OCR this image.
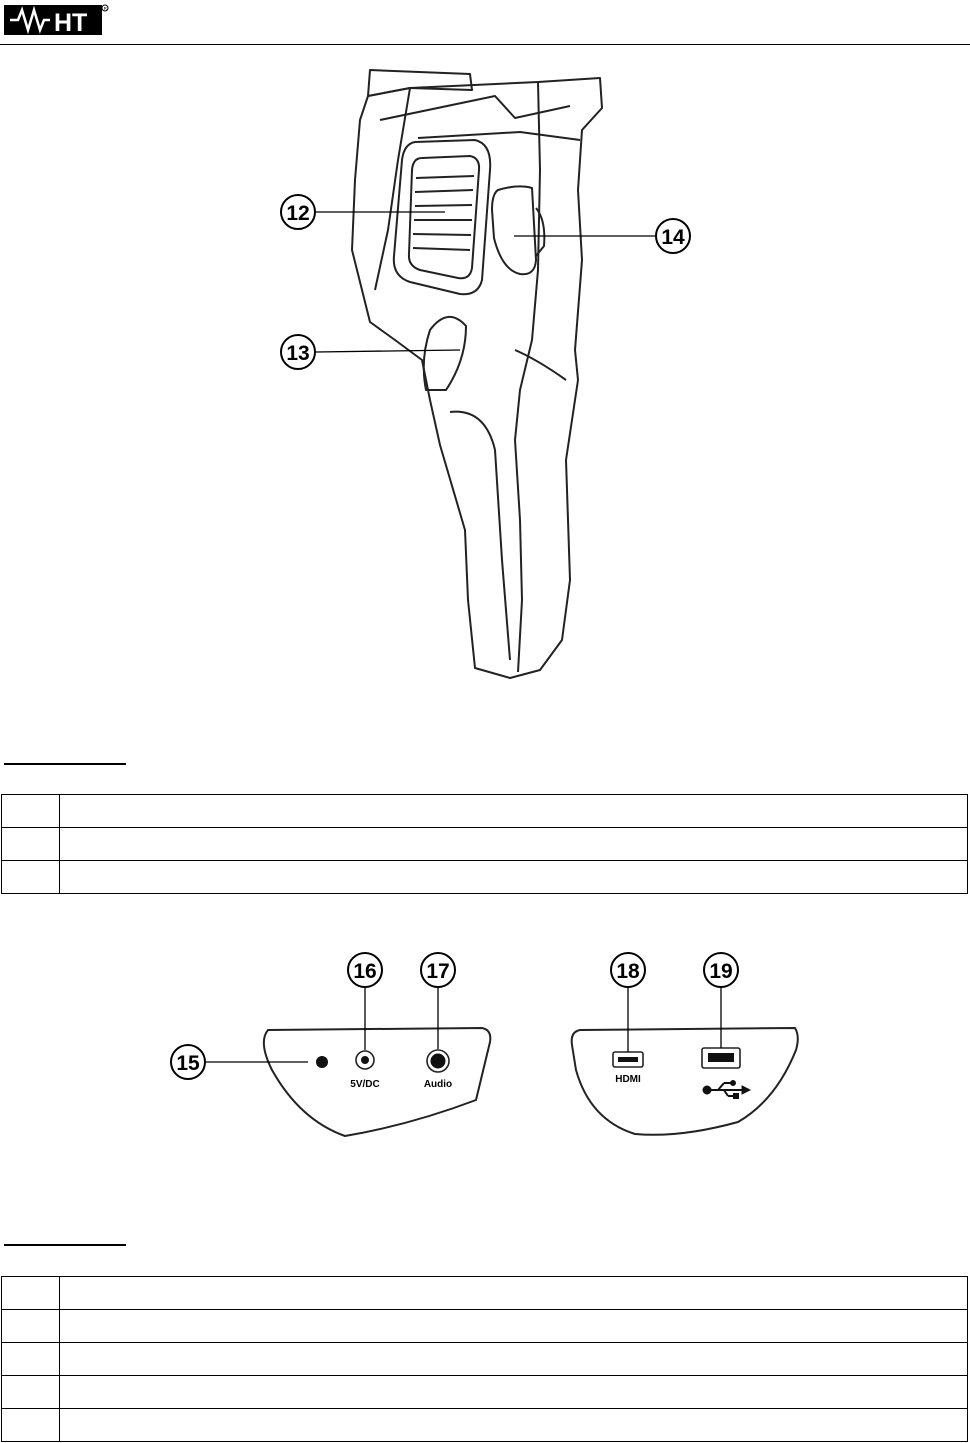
HT
R
12
13
14

15
5V/DC
16
Audio
17
HDMI
18	19
